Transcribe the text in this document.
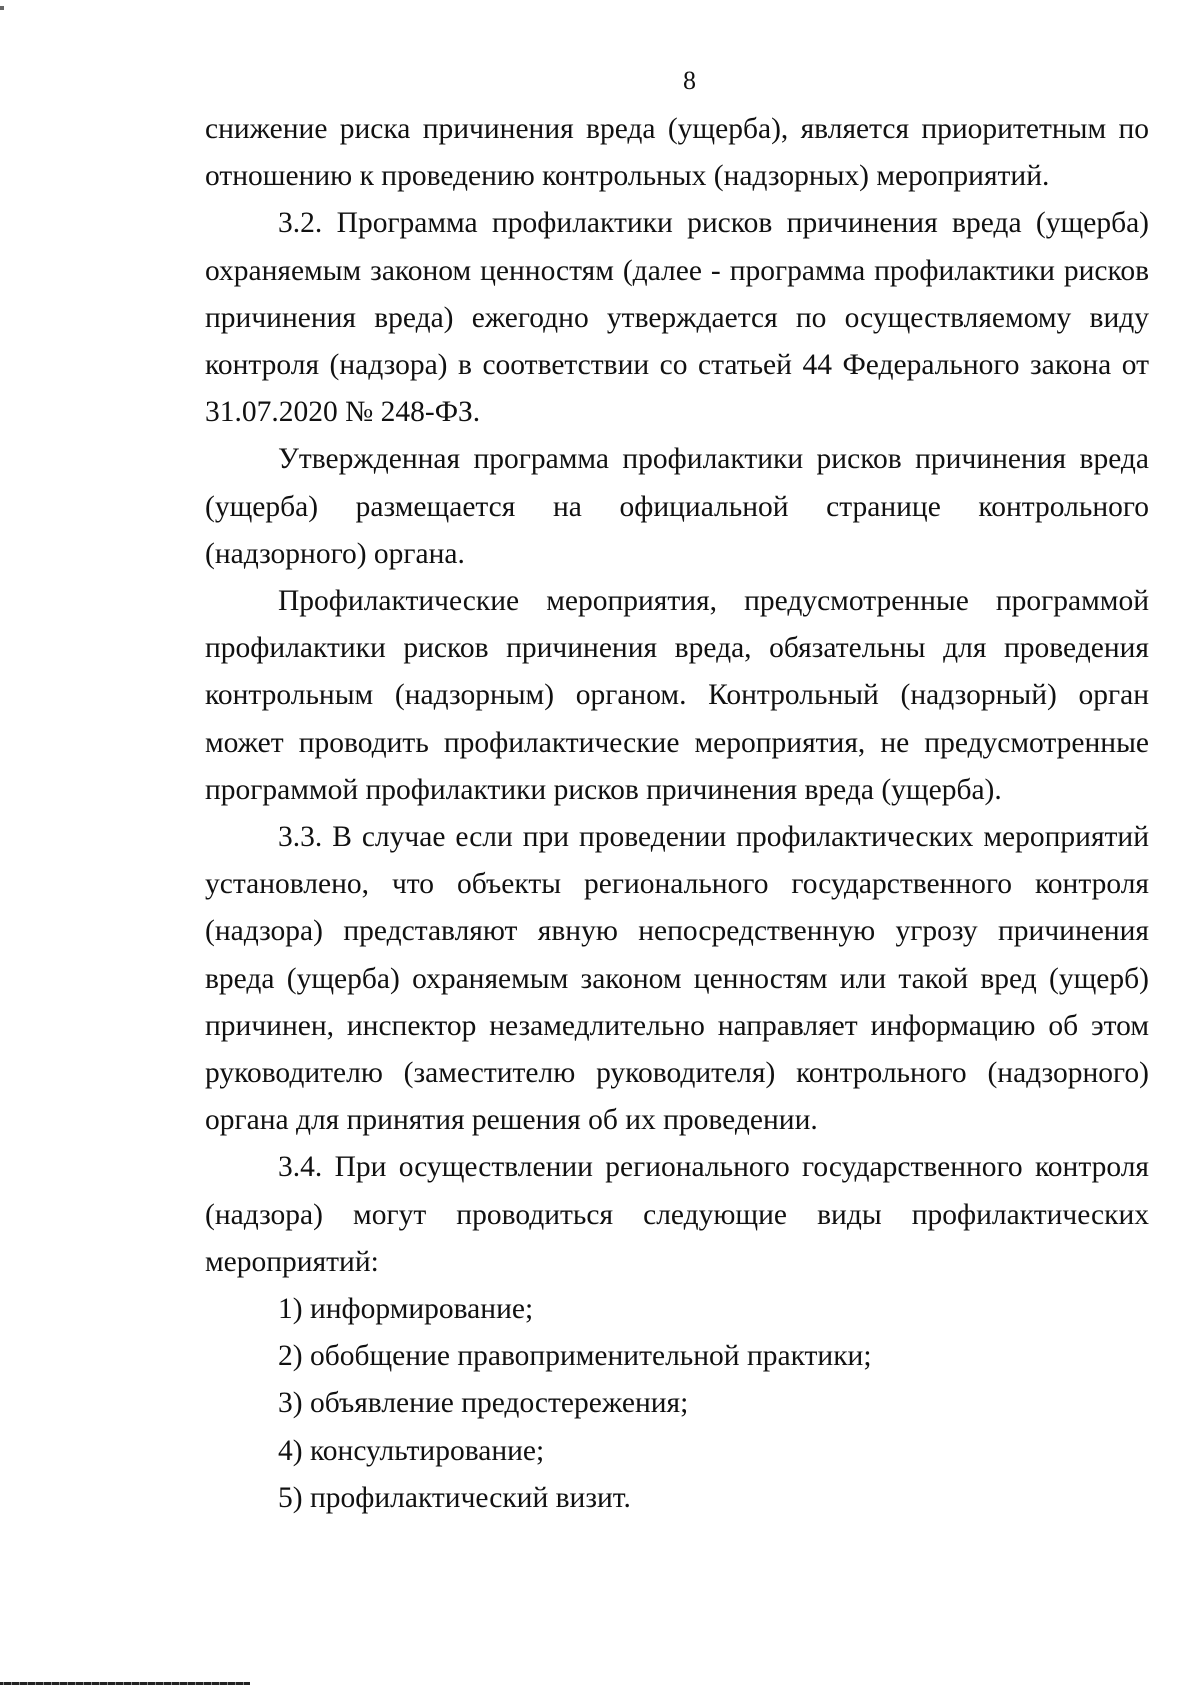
8

снижение риска причинения вреда (ущерба), является приоритетным по отношению к проведению контрольных (надзорных) мероприятий.

3.2. Программа профилактики рисков причинения вреда (ущерба) охраняемым законом ценностям (далее - программа профилактики рисков причинения вреда) ежегодно утверждается по осуществляемому виду контроля (надзора) в соответствии со статьей 44 Федерального закона от 31.07.2020 № 248-ФЗ.

Утвержденная программа профилактики рисков причинения вреда (ущерба) размещается на официальной странице контрольного (надзорного) органа.

Профилактические мероприятия, предусмотренные программой профилактики рисков причинения вреда, обязательны для проведения контрольным (надзорным) органом. Контрольный (надзорный) орган может проводить профилактические мероприятия, не предусмотренные программой профилактики рисков причинения вреда (ущерба).

3.3. В случае если при проведении профилактических мероприятий установлено, что объекты регионального государственного контроля (надзора) представляют явную непосредственную угрозу причинения вреда (ущерба) охраняемым законом ценностям или такой вред (ущерб) причинен, инспектор незамедлительно направляет информацию об этом руководителю (заместителю руководителя) контрольного (надзорного) органа для принятия решения об их проведении.

3.4. При осуществлении регионального государственного контроля (надзора) могут проводиться следующие виды профилактических мероприятий:

1) информирование;

2) обобщение правоприменительной практики;

3) объявление предостережения;

4) консультирование;

5) профилактический визит.
